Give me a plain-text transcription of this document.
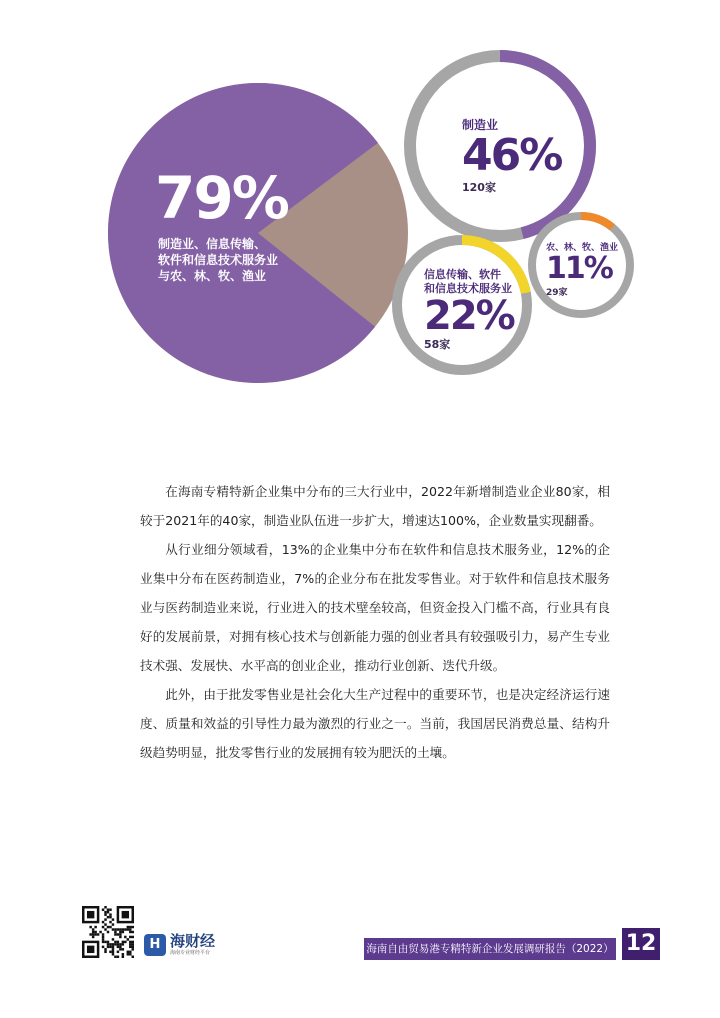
79%
制造业、信息传输、
软件和信息技术服务业
与农、林、牧、渔业
制造业
46%
120家
信息传输、软件
和信息技术服务业
22%
58家
农、林、牧、渔业
11%
29家

在海南专精特新企业集中分布的三大行业中，2022年新增制造业企业80家，相较于2021年的40家，制造业队伍进一步扩大，增速达100%，企业数量实现翻番。

从行业细分领域看，13%的企业集中分布在软件和信息技术服务业，12%的企业集中分布在医药制造业，7%的企业分布在批发零售业。对于软件和信息技术服务业与医药制造业来说，行业进入的技术壁垒较高，但资金投入门槛不高，行业具有良好的发展前景，对拥有核心技术与创新能力强的创业者具有较强吸引力，易产生专业技术强、发展快、水平高的创业企业，推动行业创新、迭代升级。

此外，由于批发零售业是社会化大生产过程中的重要环节，也是决定经济运行速度、质量和效益的引导性力最为激烈的行业之一。当前，我国居民消费总量、结构升级趋势明显，批发零售行业的发展拥有较为肥沃的土壤。

H 海财经
海南专业财经平台	海南自由贸易港专精特新企业发展调研报告（2022） 12
